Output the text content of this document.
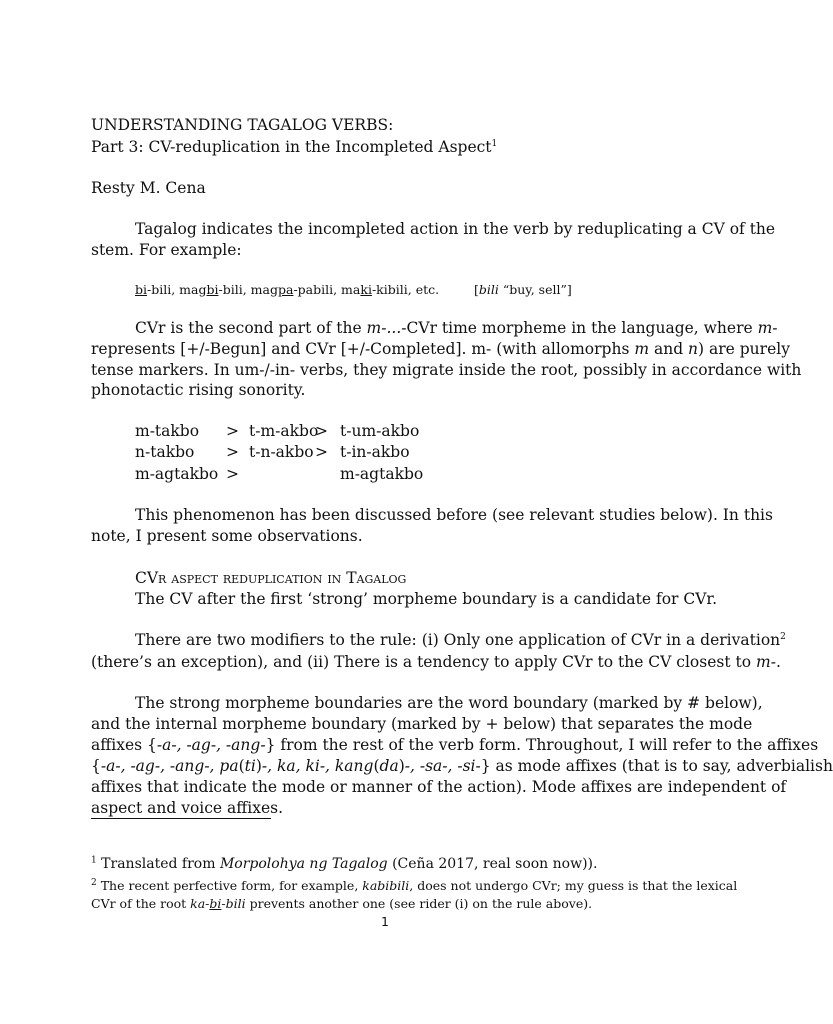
UNDERSTANDING TAGALOG VERBS:
Part 3: CV-reduplication in the Incompleted Aspect$^1$
Resty M. Cena
Tagalog indicates the incompleted action in the verb by reduplicating a CV of the
stem. For example:
bi-bili, magbi-bili, magpa-pabili, maki-kibili, etc.	[bili “buy, sell”]
CVr is the second part of the m-...-CVr time morpheme in the language, where m-
represents [+/-Begun] and CVr [+/-Completed]. m- (with allomorphs m and n) are purely
tense markers. In um-/-in- verbs, they migrate inside the root, possibly in accordance with
phonotactic rising sonority.
m-takbo > t-m-akbo
> t-um-akbo
n-takbo > t-n-akbo > t-in-akbo
m-agtakbo >	m-agtakbo
This phenomenon has been discussed before (see relevant studies below). In this
note, I present some observations.
CVr aspect reduplication in Tagalog
The CV after the first ‘strong’ morpheme boundary is a candidate for CVr.
There are two modifiers to the rule: (i) Only one application of CVr in a derivation$^2$
(there’s an exception), and (ii) There is a tendency to apply CVr to the CV closest to m-.
The strong morpheme boundaries are the word boundary (marked by # below),
and the internal morpheme boundary (marked by + below) that separates the mode
affixes {-a-, -ag-, -ang-} from the rest of the verb form. Throughout, I will refer to the affixes
{-a-, -ag-, -ang-, pa(ti)-, ka, ki-, kang(da)-, -sa-, -si-} as mode affixes (that is to say, adverbialish
affixes that indicate the mode or manner of the action). Mode affixes are independent of
aspect and voice affixes.
$^1$ Translated from Morpolohya ng Tagalog (Ceña 2017, real soon now)).
$^2$ The recent perfective form, for example, kabibili, does not undergo CVr; my guess is that the lexical
CVr of the root ka-bi-bili prevents another one (see rider (i) on the rule above).
1
